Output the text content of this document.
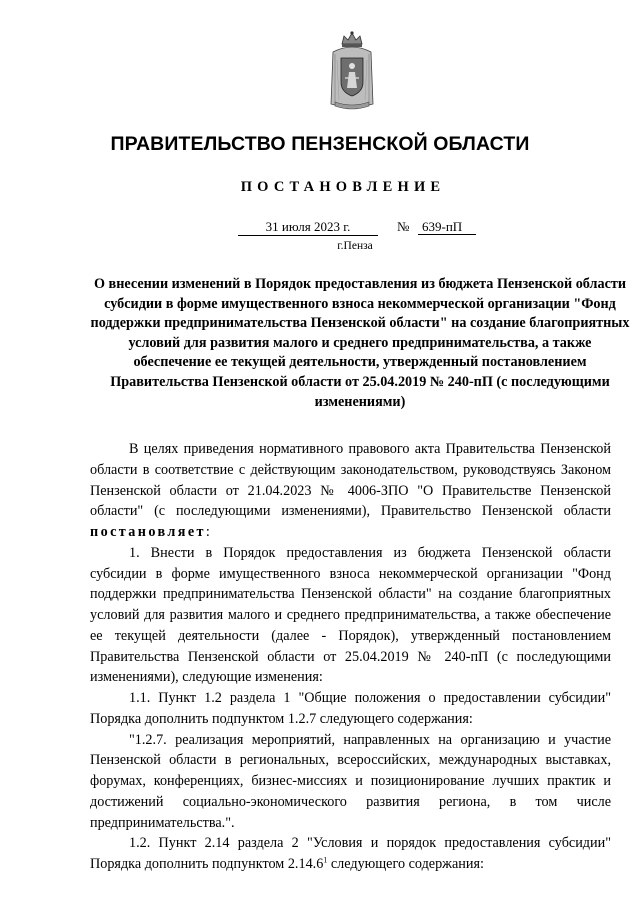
ПРАВИТЕЛЬСТВО ПЕНЗЕНСКОЙ ОБЛАСТИ
ПОСТАНОВЛЕНИЕ
31 июля 2023 г.	№ 639-пП
г.Пенза
О внесении изменений в Порядок предоставления из бюджета Пензенской области субсидии в форме имущественного взноса некоммерческой организации "Фонд поддержки предпринимательства Пензенской области" на создание благоприятных условий для развития малого и среднего предпринимательства, а также обеспечение ее текущей деятельности, утвержденный постановлением Правительства Пензенской области от 25.04.2019 № 240-пП (с последующими изменениями)

В целях приведения нормативного правового акта Правительства Пензенской области в соответствие с действующим законодательством, руководствуясь Законом Пензенской области от 21.04.2023 № 4006-ЗПО "О Правительстве Пензенской области" (с последующими изменениями), Правительство Пензенской области постановляет:

1. Внести в Порядок предоставления из бюджета Пензенской области субсидии в форме имущественного взноса некоммерческой организации "Фонд поддержки предпринимательства Пензенской области" на создание благоприятных условий для развития малого и среднего предпринимательства, а также обеспечение ее текущей деятельности (далее - Порядок), утвержденный постановлением Правительства Пензенской области от 25.04.2019 № 240-пП (с последующими изменениями), следующие изменения:

1.1. Пункт 1.2 раздела 1 "Общие положения о предоставлении субсидии" Порядка дополнить подпунктом 1.2.7 следующего содержания:

"1.2.7. реализация мероприятий, направленных на организацию и участие Пензенской области в региональных, всероссийских, международных выставках, форумах, конференциях, бизнес-миссиях и позиционирование лучших практик и достижений социально-экономического развития региона, в том числе предпринимательства.".

1.2. Пункт 2.14 раздела 2 "Условия и порядок предоставления субсидии" Порядка дополнить подпунктом 2.14.6$^1$ следующего содержания:
